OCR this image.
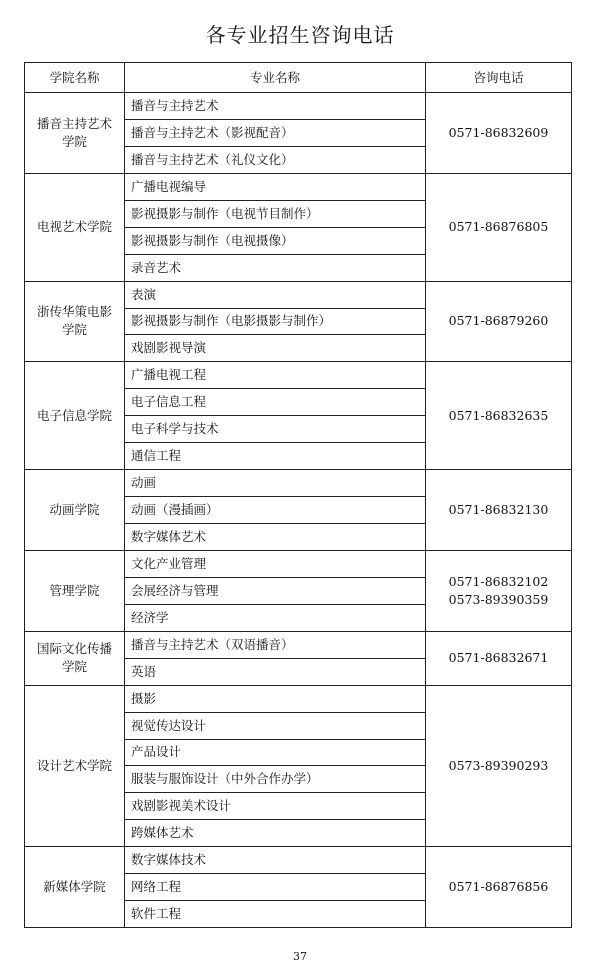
各专业招生咨询电话
学院名称	专业名称	咨询电话
播音主持艺术学院	播音与主持艺术	0571-86832609

	播音与主持艺术（影视配音）	
	播音与主持艺术（礼仪文化）	
电视艺术学院	广播电视编导	0571-86876805

	影视摄影与制作（电视节目制作）	
	影视摄影与制作（电视摄像）	
	录音艺术	
浙传华策电影学院	表演	0571-86879260

	影视摄影与制作（电影摄影与制作）	
	戏剧影视导演	
电子信息学院	广播电视工程	0571-86832635

	电子信息工程	
	电子科学与技术	
	通信工程	
动画学院	动画	0571-86832130

	动画（漫插画）	
	数字媒体艺术	
管理学院	文化产业管理	0571-86832102
0573-89390359

	会展经济与管理	
	经济学	
国际文化传播学院	播音与主持艺术（双语播音）	0571-86832671

	英语	
设计艺术学院	摄影	0573-89390293

	视觉传达设计	
	产品设计	
	服装与服饰设计（中外合作办学）	
	戏剧影视美术设计	
	跨媒体艺术	
新媒体学院	数字媒体技术	0571-86876856

	网络工程	
	软件工程	
37
